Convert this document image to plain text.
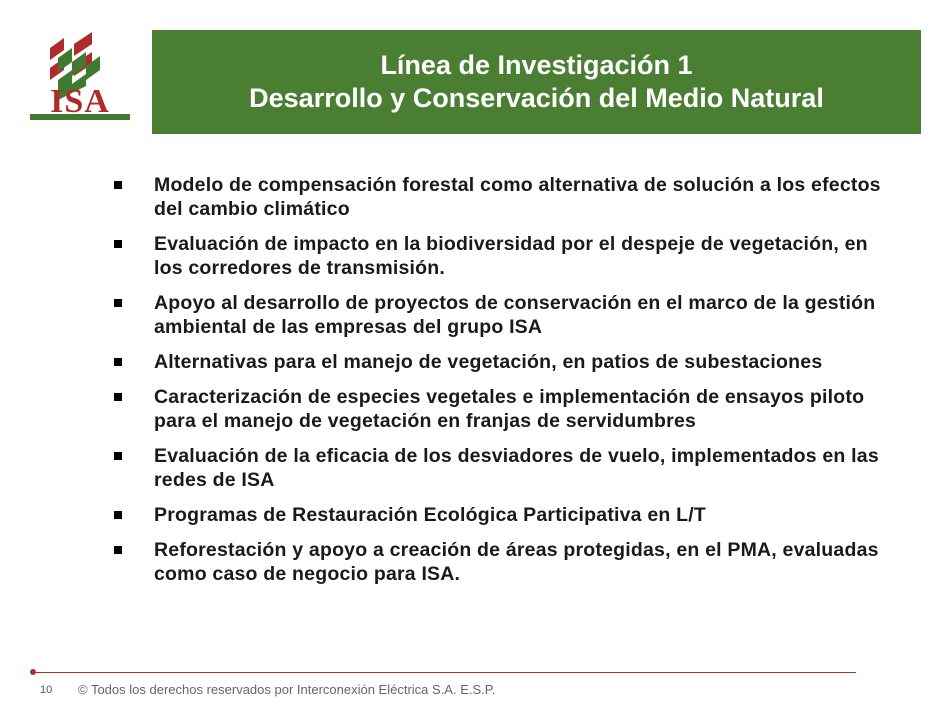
ISA
Línea de Investigación 1
Desarrollo y Conservación del Medio Natural
Modelo de compensación forestal como alternativa de solución a los efectos del cambio climático
Evaluación de impacto en la biodiversidad por el despeje de vegetación, en los corredores de transmisión.
Apoyo al desarrollo de proyectos de conservación en el marco de la gestión ambiental de las empresas del grupo ISA
Alternativas para el manejo de vegetación, en patios de subestaciones
Caracterización de especies vegetales e implementación de ensayos piloto para el manejo de vegetación en franjas de servidumbres
Evaluación de la eficacia de los desviadores de vuelo, implementados en las redes de ISA
Programas de Restauración Ecológica Participativa en L/T
Reforestación y apoyo a creación de áreas protegidas, en el PMA, evaluadas como caso de negocio para ISA.
10 © Todos los derechos reservados por Interconexión Eléctrica S.A. E.S.P.
